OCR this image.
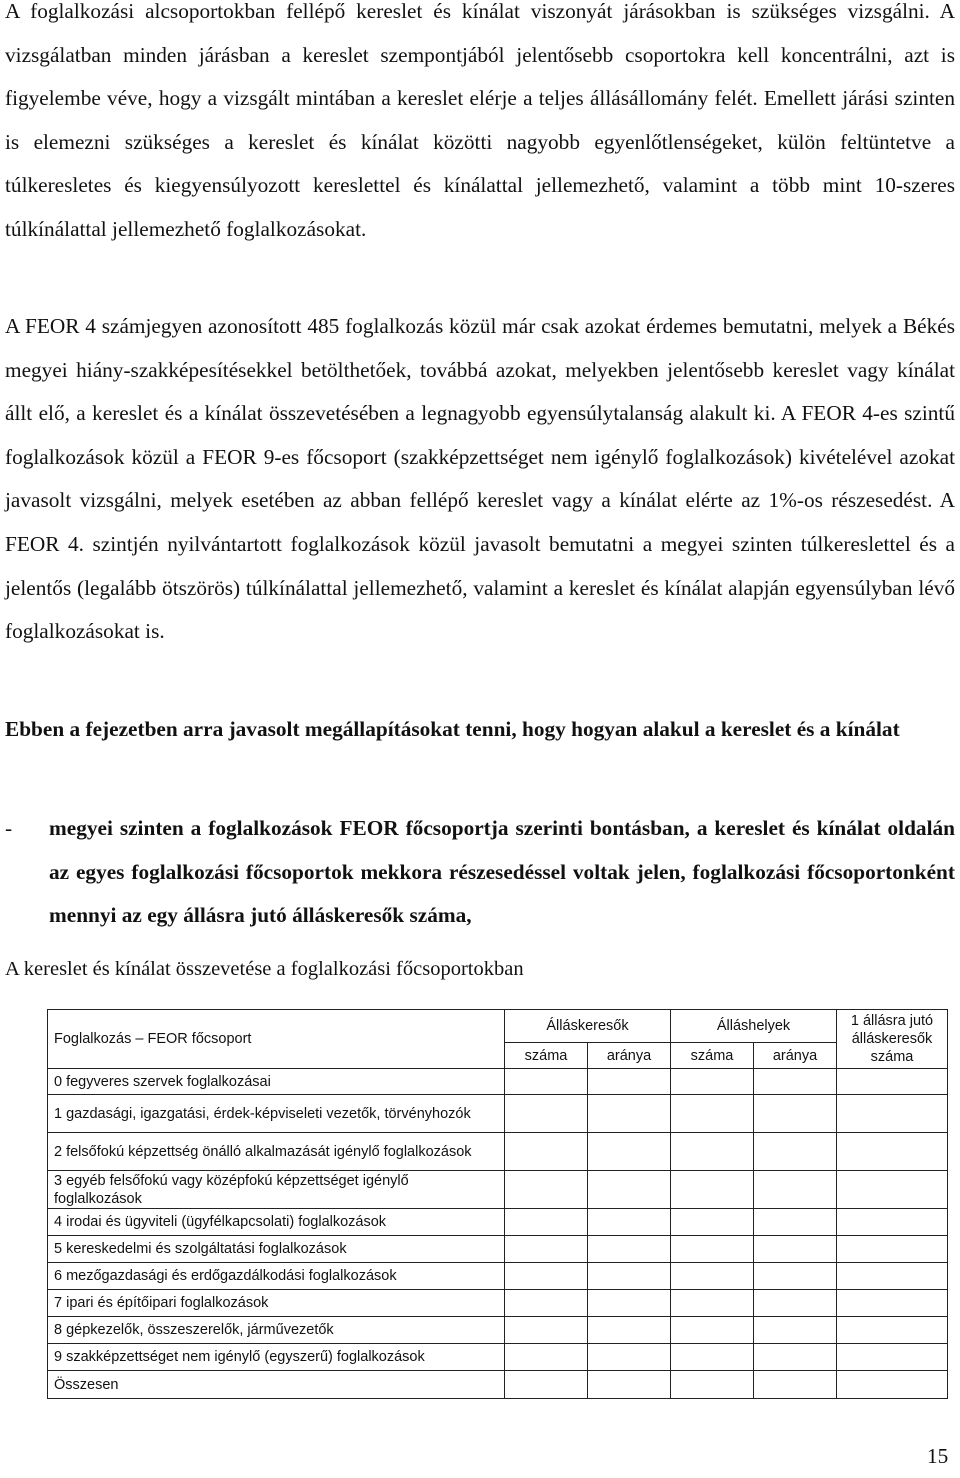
A foglalkozási alcsoportokban fellépő kereslet és kínálat viszonyát járásokban is szükséges vizsgálni. A vizsgálatban minden járásban a kereslet szempontjából jelentősebb csoportokra kell koncentrálni, azt is figyelembe véve, hogy a vizsgált mintában a kereslet elérje a teljes állásállomány felét. Emellett járási szinten is elemezni szükséges a kereslet és kínálat közötti nagyobb egyenlőtlenségeket, külön feltüntetve a túlkeresletes és kiegyensúlyozott kereslettel és kínálattal jellemezhető, valamint a több mint 10-szeres túlkínálattal jellemezhető foglalkozásokat.
A FEOR 4 számjegyen azonosított 485 foglalkozás közül már csak azokat érdemes bemutatni, melyek a Békés megyei hiány-szakképesítésekkel betölthetőek, továbbá azokat, melyekben jelentősebb kereslet vagy kínálat állt elő, a kereslet és a kínálat összevetésében a legnagyobb egyensúlytalanság alakult ki. A FEOR 4-es szintű foglalkozások közül a FEOR 9-es főcsoport (szakképzettséget nem igénylő foglalkozások) kivételével azokat javasolt vizsgálni, melyek esetében az abban fellépő kereslet vagy a kínálat elérte az 1%-os részesedést. A FEOR 4. szintjén nyilvántartott foglalkozások közül javasolt bemutatni a megyei szinten túlkereslettel és a jelentős (legalább ötszörös) túlkínálattal jellemezhető, valamint a kereslet és kínálat alapján egyensúlyban lévő foglalkozásokat is.
Ebben a fejezetben arra javasolt megállapításokat tenni, hogy hogyan alakul a kereslet és a kínálat
- megyei szinten a foglalkozások FEOR főcsoportja szerinti bontásban, a kereslet és kínálat oldalán az egyes foglalkozási főcsoportok mekkora részesedéssel voltak jelen, foglalkozási főcsoportonként mennyi az egy állásra jutó álláskeresők száma,
A kereslet és kínálat összevetése a foglalkozási főcsoportokban
Foglalkozás – FEOR főcsoport	Álláskeresők		Álláshelyek		1 állásra jutó álláskeresők száma
	száma	aránya	száma	aránya	
0 fegyveres szervek foglalkozásai					
1 gazdasági, igazgatási, érdek-képviseleti vezetők, törvényhozók					
2 felsőfokú képzettség önálló alkalmazását igénylő foglalkozások					
3 egyéb felsőfokú vagy középfokú képzettséget igénylő foglalkozások					
4 irodai és ügyviteli (ügyfélkapcsolati) foglalkozások					
5 kereskedelmi és szolgáltatási foglalkozások					
6 mezőgazdasági és erdőgazdálkodási foglalkozások					
7 ipari és építőipari foglalkozások					
8 gépkezelők, összeszerelők, járművezetők					
9 szakképzettséget nem igénylő (egyszerű) foglalkozások					
Összesen					
15
